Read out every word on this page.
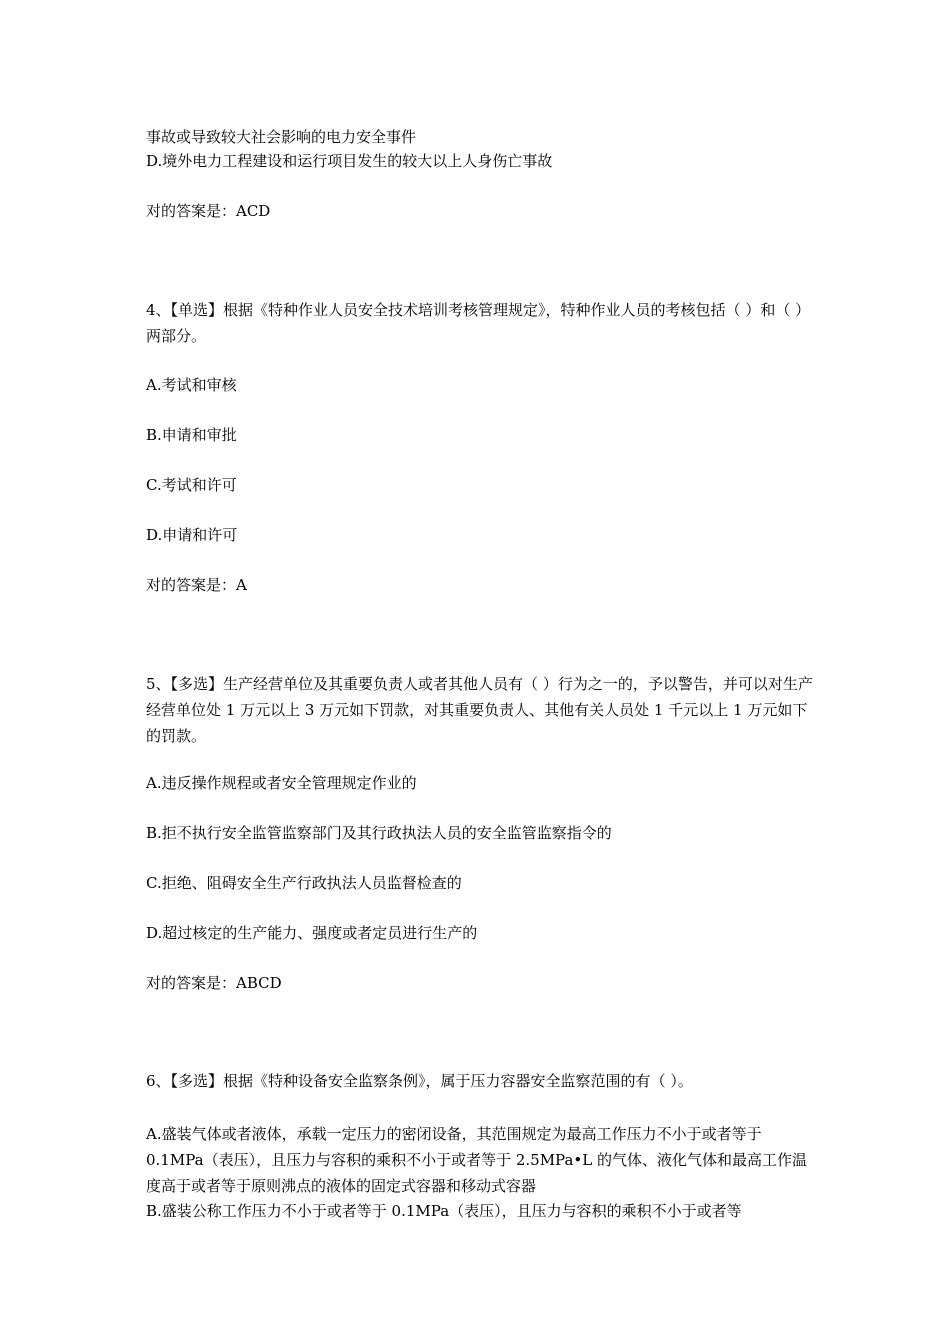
事故或导致较大社会影响的电力安全事件
D.境外电力工程建设和运行项目发生的较大以上人身伤亡事故
对的答案是：ACD
4、【单选】根据《特种作业人员安全技术培训考核管理规定》，特种作业人员的考核包括（ ）和（ ）两部分。
A.考试和审核
B.申请和审批
C.考试和许可
D.申请和许可
对的答案是：A
5、【多选】生产经营单位及其重要负责人或者其他人员有（ ）行为之一的，予以警告，并可以对生产经营单位处 1 万元以上 3 万元如下罚款，对其重要负责人、其他有关人员处 1 千元以上 1 万元如下的罚款。
A.违反操作规程或者安全管理规定作业的
B.拒不执行安全监管监察部门及其行政执法人员的安全监管监察指令的
C.拒绝、阻碍安全生产行政执法人员监督检查的
D.超过核定的生产能力、强度或者定员进行生产的
对的答案是：ABCD
6、【多选】根据《特种设备安全监察条例》，属于压力容器安全监察范围的有（ ）。
A.盛装气体或者液体，承载一定压力的密闭设备，其范围规定为最高工作压力不小于或者等于 0.1MPa（表压），且压力与容积的乘积不小于或者等于 2.5MPa•L 的气体、液化气体和最高工作温度高于或者等于原则沸点的液体的固定式容器和移动式容器
B.盛装公称工作压力不小于或者等于 0.1MPa（表压），且压力与容积的乘积不小于或者等
